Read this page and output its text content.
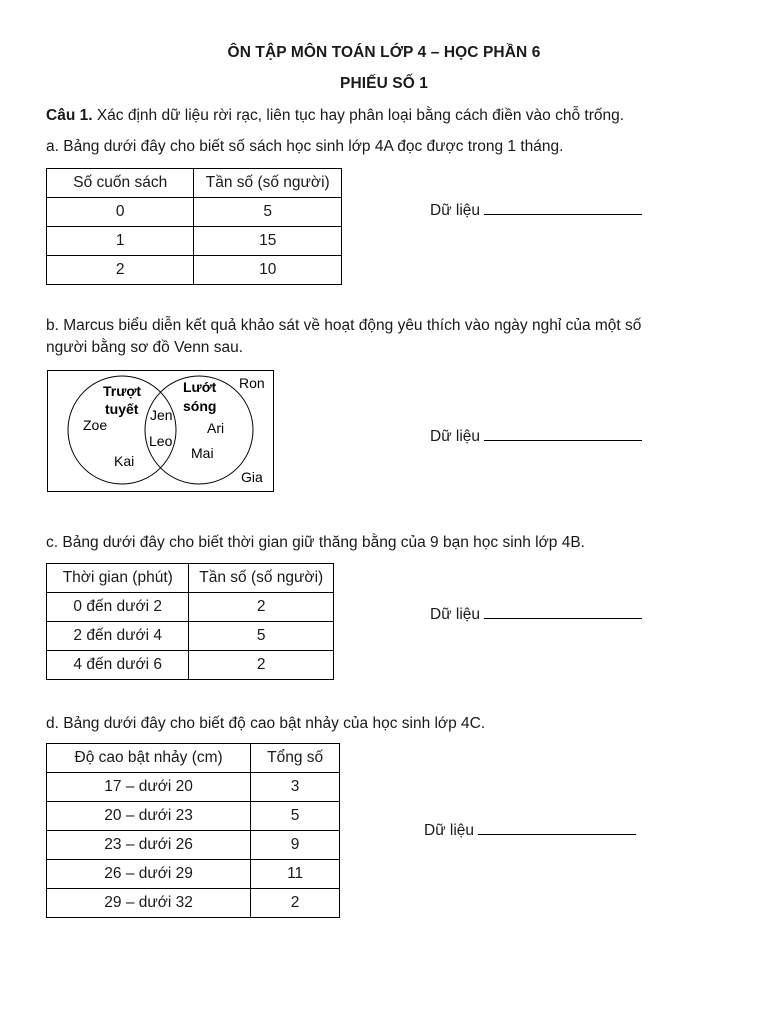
ÔN TẬP MÔN TOÁN LỚP 4 – HỌC PHẦN 6
PHIẾU SỐ 1
Câu 1. Xác định dữ liệu rời rạc, liên tục hay phân loại bằng cách điền vào chỗ trống.
a. Bảng dưới đây cho biết số sách học sinh lớp 4A đọc được trong 1 tháng.
Số cuốn sách	Tần số (số người)
0	5
1	15
2	10
Dữ liệu
b. Marcus biểu diễn kết quả khảo sát về hoạt động yêu thích vào ngày nghỉ của một số
người bằng sơ đồ Venn sau.
Trượt
tuyết
Lướt
sóng
Zoe
Kai
Jen
Leo
Ari
Mai
Ron
Gia
Dữ liệu
c. Bảng dưới đây cho biết thời gian giữ thăng bằng của 9 bạn học sinh lớp 4B.
Thời gian (phút)	Tần số (số người)
0 đến dưới 2	2
2 đến dưới 4	5
4 đến dưới 6	2
Dữ liệu
d. Bảng dưới đây cho biết độ cao bật nhảy của học sinh lớp 4C.
Độ cao bật nhảy (cm)	Tổng số
17 – dưới 20	3
20 – dưới 23	5
23 – dưới 26	9
26 – dưới 29	11
29 – dưới 32	2
Dữ liệu
